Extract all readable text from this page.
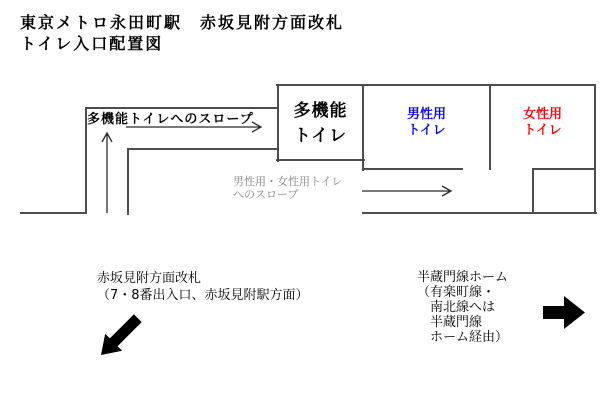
東京メトロ永田町駅　赤坂見附方面改札
トイレ入口配置図
多機能トイレへのスロープ	多機能
トイレ
男性用
トイレ
女性用
トイレ
男性用・女性用トイレ
へのスロープ
赤坂見附方面改札
（7・8番出入口、赤坂見附駅方面）
半蔵門線ホーム
（有楽町線・
　南北線へは
　半蔵門線
　ホーム経由）
